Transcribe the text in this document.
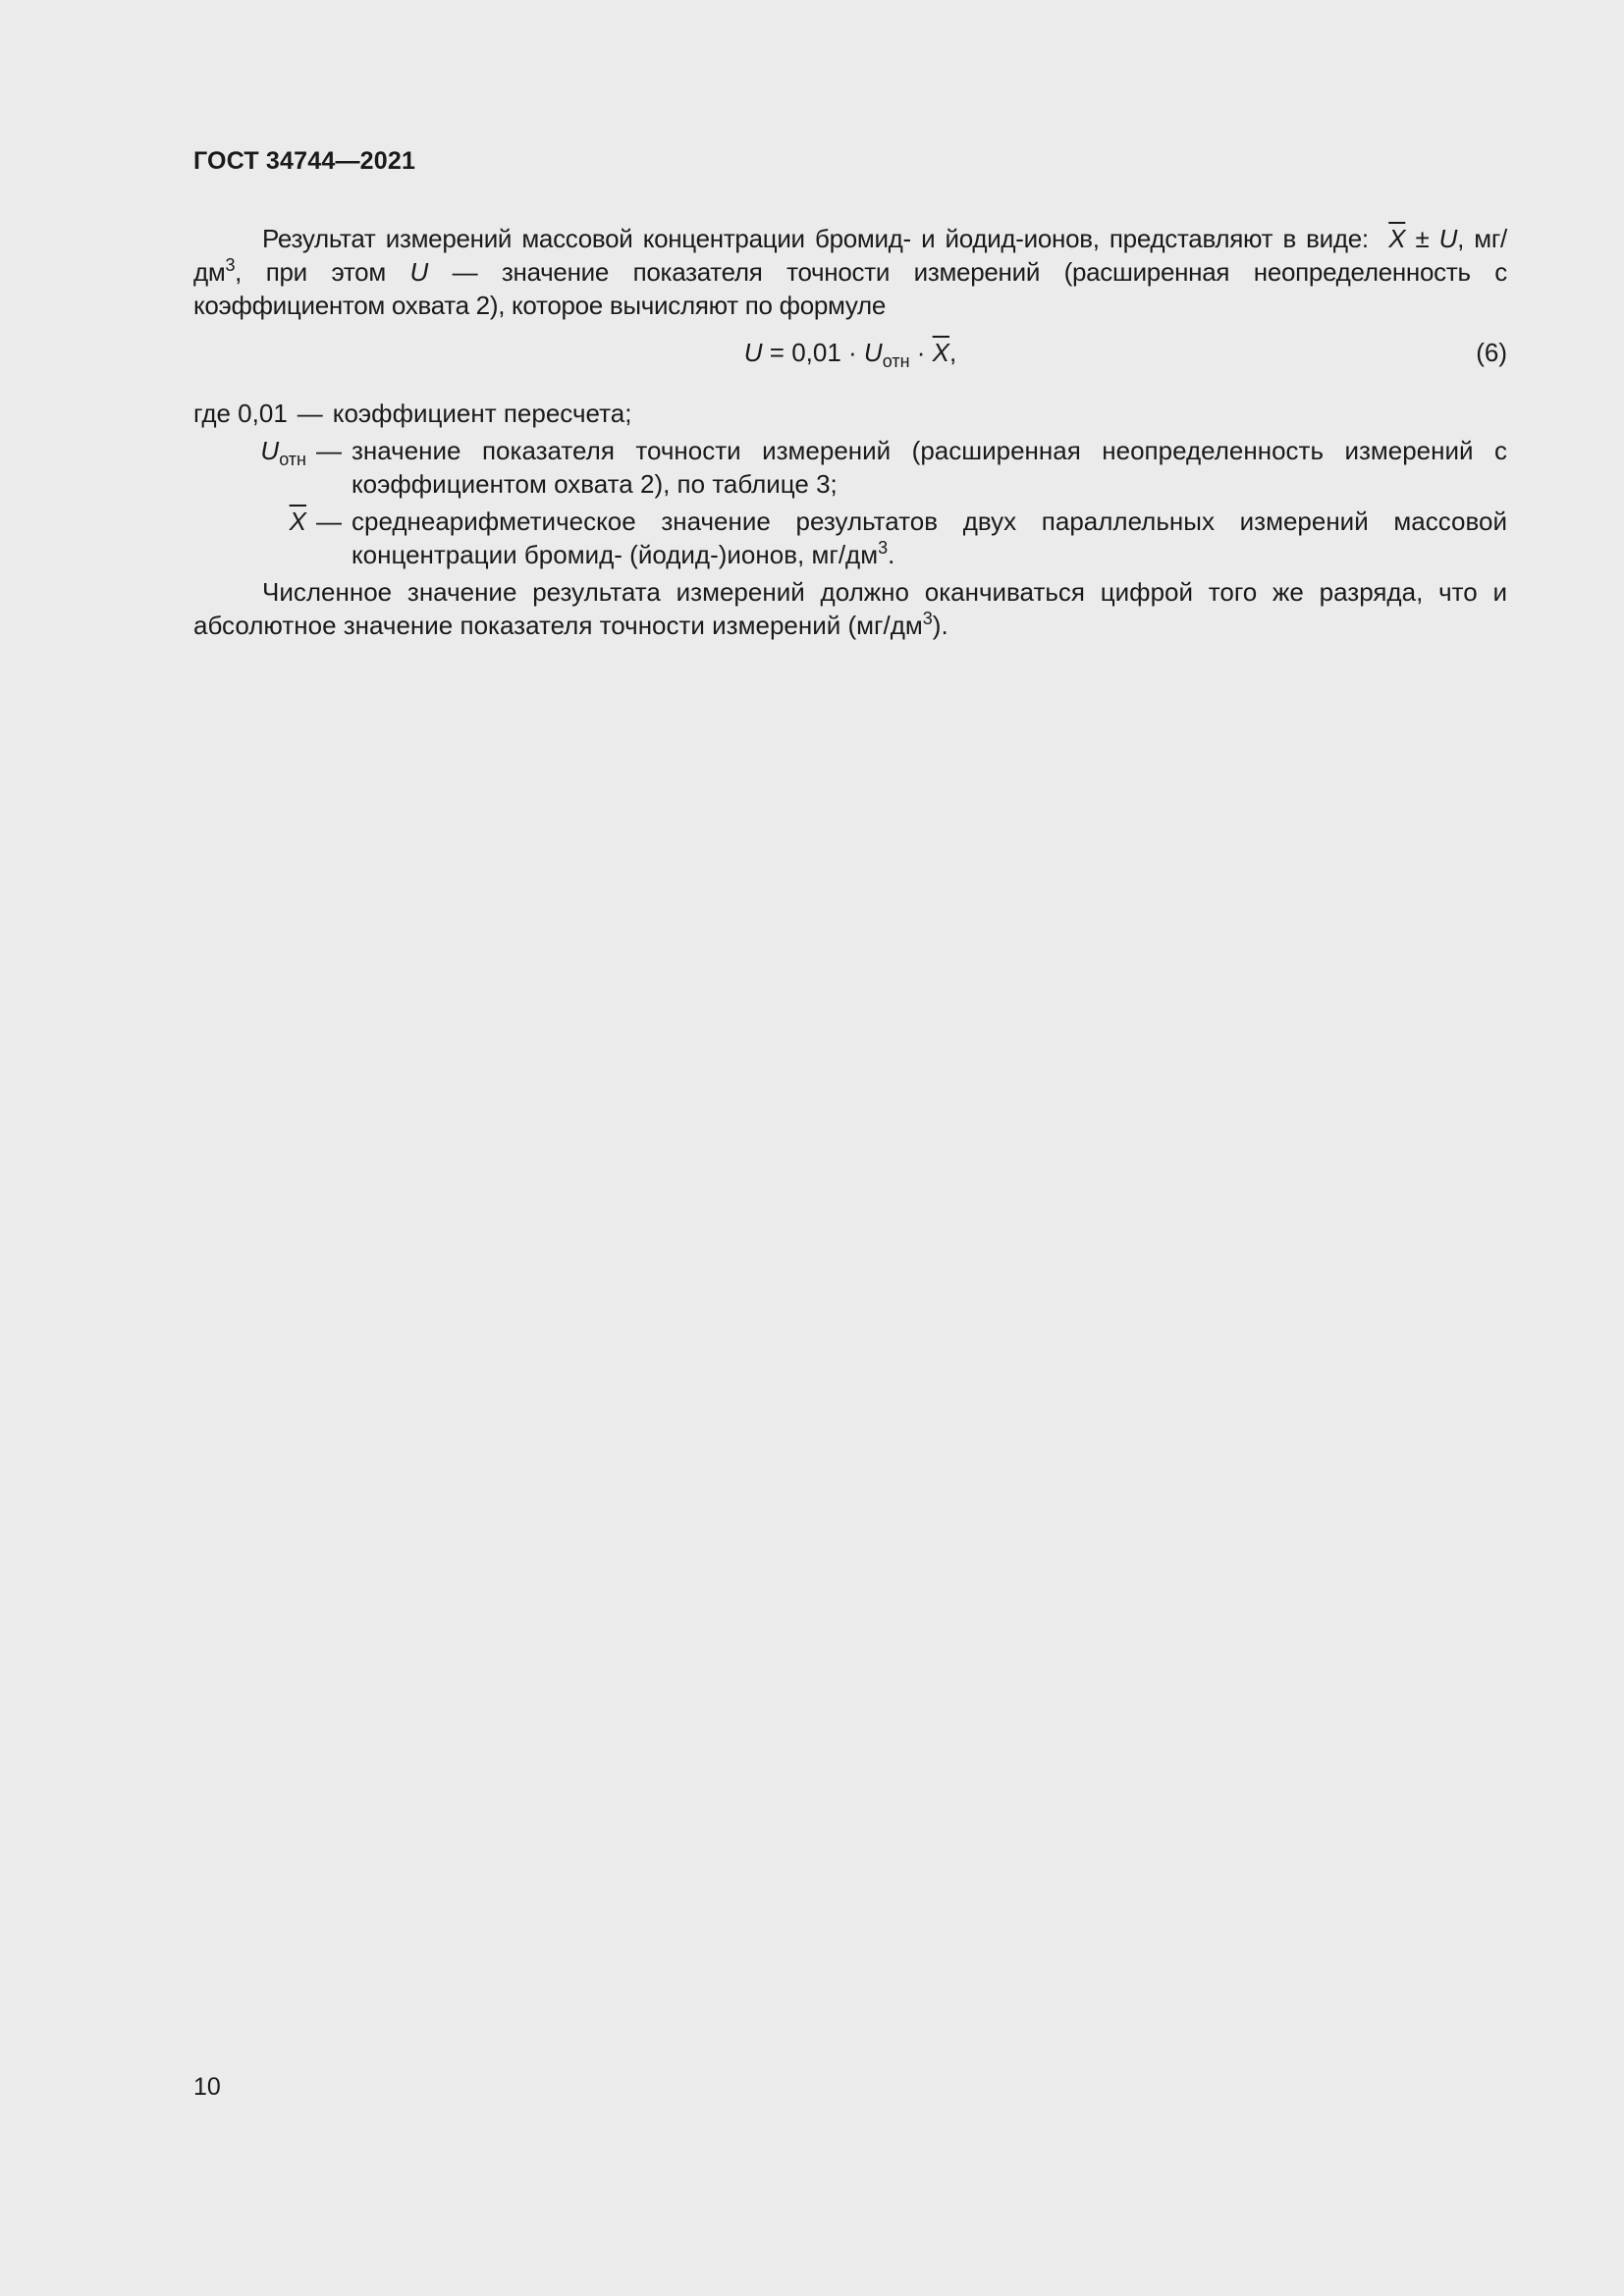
ГОСТ 34744—2021

Результат измерений массовой концентрации бромид- и йодид-ионов, представляют в виде: $\overline{X} \pm U$, $мг/дм^3$, при этом U — значение показателя точности измерений (расширенная неопределенность с коэффициентом охвата 2), которое вычисляют по формуле

$U = 0,01 \cdot U_{отн} \cdot \overline{X}$,	(6)
где 0,01 — коэффициент пересчета;
$U_{отн}$ — значение показателя точности измерений (расширенная неопределенность измерений с коэффициентом охвата 2), по таблице 3;
$\overline{X}$ — среднеарифметическое значение результатов двух параллельных измерений массовой концентрации бромид- (йодид-)ионов, $мг/дм^3$.

Численное значение результата измерений должно оканчиваться цифрой того же разряда, что и абсолютное значение показателя точности измерений $(мг/дм^3)$.

10
